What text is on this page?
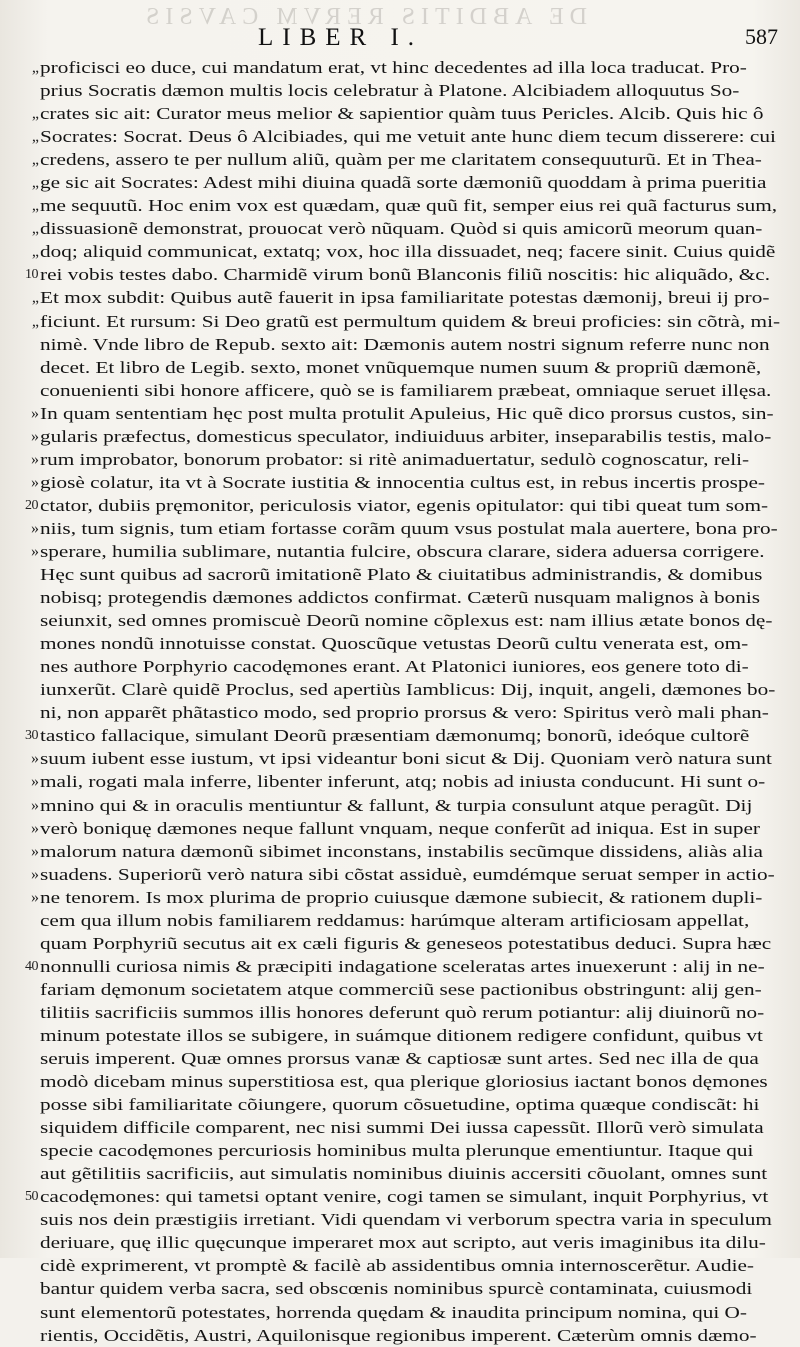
DE ABDITIS RERVM CAVSIS
LIBER I.	587
„ proficisci eo duce, cui mandatum erat, vt hinc decedentes ad illa loca traducat. Pro-
prius Socratis dæmon multis locis celebratur à Platone. Alcibiadem alloquutus So-
„ crates sic ait: Curator meus melior & sapientior quàm tuus Pericles. Alcib. Quis hic ô
„ Socrates: Socrat. Deus ô Alcibiades, qui me vetuit ante hunc diem tecum disserere: cui
„ credens, assero te per nullum aliũ, quàm per me claritatem consequuturũ. Et in Thea-
„ ge sic ait Socrates: Adest mihi diuina quadã sorte dæmoniũ quoddam à prima pueritia
„ me sequutũ. Hoc enim vox est quædam, quæ quũ fit, semper eius rei quã facturus sum,
„ dissuasionẽ demonstrat, prouocat verò nũquam. Quòd si quis amicorũ meorum quan-
„ doq; aliquid communicat, extatq; vox, hoc illa dissuadet, neq; facere sinit. Cuius quidẽ
10 rei vobis testes dabo. Charmidẽ virum bonũ Blanconis filiũ noscitis: hic aliquãdo, &c.
„ Et mox subdit: Quibus autẽ fauerit in ipsa familiaritate potestas dæmonij, breui ij pro-
„ ficiunt. Et rursum: Si Deo gratũ est permultum quidem & breui proficies: sin cõtrà, mi-
nimè. Vnde libro de Repub. sexto ait: Dæmonis autem nostri signum referre nunc non
decet. Et libro de Legib. sexto, monet vnũquemque numen suum & propriũ dæmonẽ,
conuenienti sibi honore afficere, quò se is familiarem præbeat, omniaque seruet illęsa.
» In quam sententiam hęc post multa protulit Apuleius, Hic quẽ dico prorsus custos, sin-
» gularis præfectus, domesticus speculator, indiuiduus arbiter, inseparabilis testis, malo-
» rum improbator, bonorum probator: si ritè animaduertatur, sedulò cognoscatur, reli-
» giosè colatur, ita vt à Socrate iustitia & innocentia cultus est, in rebus incertis prospe-
20 ctator, dubiis pręmonitor, periculosis viator, egenis opitulator: qui tibi queat tum som-
» niis, tum signis, tum etiam fortasse corãm quum vsus postulat mala auertere, bona pro-
» sperare, humilia sublimare, nutantia fulcire, obscura clarare, sidera aduersa corrigere.
Hęc sunt quibus ad sacrorũ imitationẽ Plato & ciuitatibus administrandis, & domibus
nobisq; protegendis dæmones addictos confirmat. Cæterũ nusquam malignos à bonis
seiunxit, sed omnes promiscuè Deorũ nomine cõplexus est: nam illius ætate bonos dę-
mones nondũ innotuisse constat. Quoscũque vetustas Deorũ cultu venerata est, om-
nes authore Porphyrio cacodęmones erant. At Platonici iuniores, eos genere toto di-
iunxerũt. Clarè quidẽ Proclus, sed apertiùs Iamblicus: Dij, inquit, angeli, dæmones bo-
ni, non apparẽt phãtastico modo, sed proprio prorsus & vero: Spiritus verò mali phan-
30 tastico fallacique, simulant Deorũ præsentiam dæmonumq; bonorũ, ideóque cultorẽ
» suum iubent esse iustum, vt ipsi videantur boni sicut & Dij. Quoniam verò natura sunt
» mali, rogati mala inferre, libenter inferunt, atq; nobis ad iniusta conducunt. Hi sunt o-
» mnino qui & in oraculis mentiuntur & fallunt, & turpia consulunt atque peragũt. Dij
» verò boniquę dæmones neque fallunt vnquam, neque conferũt ad iniqua. Est in super
» malorum natura dæmonũ sibimet inconstans, instabilis secũmque dissidens, aliàs alia
» suadens. Superiorũ verò natura sibi cõstat assiduè, eumdémque seruat semper in actio-
» ne tenorem. Is mox plurima de proprio cuiusque dæmone subiecit, & rationem dupli-
cem qua illum nobis familiarem reddamus: harúmque alteram artificiosam appellat,
quam Porphyriũ secutus ait ex cæli figuris & geneseos potestatibus deduci. Supra hæc
40 nonnulli curiosa nimis & præcipiti indagatione sceleratas artes inuexerunt : alij in ne-
fariam dęmonum societatem atque commerciũ sese pactionibus obstringunt: alij gen-
tilitiis sacrificiis summos illis honores deferunt quò rerum potiantur: alij diuinorũ no-
minum potestate illos se subigere, in suámque ditionem redigere confidunt, quibus vt
seruis imperent. Quæ omnes prorsus vanæ & captiosæ sunt artes. Sed nec illa de qua
modò dicebam minus superstitiosa est, qua plerique gloriosius iactant bonos dęmones
posse sibi familiaritate cõiungere, quorum cõsuetudine, optima quæque condiscãt: hi
siquidem difficile comparent, nec nisi summi Dei iussa capessũt. Illorũ verò simulata
specie cacodęmones percuriosis hominibus multa plerunque ementiuntur. Itaque qui
aut gẽtilitiis sacrificiis, aut simulatis nominibus diuinis accersiti cõuolant, omnes sunt
50 cacodęmones: qui tametsi optant venire, cogi tamen se simulant, inquit Porphyrius, vt
suis nos dein præstigiis irretiant. Vidi quendam vi verborum spectra varia in speculum
deriuare, quę illic quęcunque imperaret mox aut scripto, aut veris imaginibus ita dilu-
cidè exprimerent, vt promptè & facilè ab assidentibus omnia internoscerẽtur. Audie-
bantur quidem verba sacra, sed obscœnis nominibus spurcè contaminata, cuiusmodi
sunt elementorũ potestates, horrenda quędam & inaudita principum nomina, qui O-
rientis, Occidẽtis, Austri, Aquilonisque regionibus imperent. Cæterùm omnis dæmo-
